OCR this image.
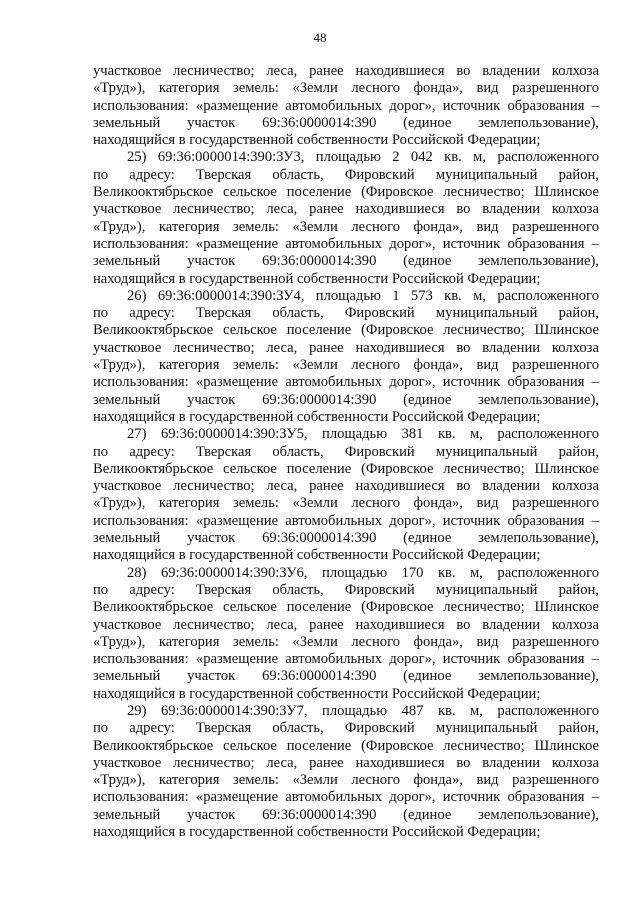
48
участковое лесничество; леса, ранее находившиеся во владении колхоза
«Труд»), категория земель: «Земли лесного фонда», вид разрешенного
использования: «размещение автомобильных дорог», источник образования –
земельный участок 69:36:0000014:390 (единое землепользование),
находящийся в государственной собственности Российской Федерации;
25) 69:36:0000014:390:ЗУ3, площадью 2 042 кв. м, расположенного
по адресу: Тверская область, Фировский муниципальный район,
Великооктябрьское сельское поселение (Фировское лесничество; Шлинское
участковое лесничество; леса, ранее находившиеся во владении колхоза
«Труд»), категория земель: «Земли лесного фонда», вид разрешенного
использования: «размещение автомобильных дорог», источник образования –
земельный участок 69:36:0000014:390 (единое землепользование),
находящийся в государственной собственности Российской Федерации;
26) 69:36:0000014:390:ЗУ4, площадью 1 573 кв. м, расположенного
по адресу: Тверская область, Фировский муниципальный район,
Великооктябрьское сельское поселение (Фировское лесничество; Шлинское
участковое лесничество; леса, ранее находившиеся во владении колхоза
«Труд»), категория земель: «Земли лесного фонда», вид разрешенного
использования: «размещение автомобильных дорог», источник образования –
земельный участок 69:36:0000014:390 (единое землепользование),
находящийся в государственной собственности Российской Федерации;
27) 69:36:0000014:390:ЗУ5, площадью 381 кв. м, расположенного
по адресу: Тверская область, Фировский муниципальный район,
Великооктябрьское сельское поселение (Фировское лесничество; Шлинское
участковое лесничество; леса, ранее находившиеся во владении колхоза
«Труд»), категория земель: «Земли лесного фонда», вид разрешенного
использования: «размещение автомобильных дорог», источник образования –
земельный участок 69:36:0000014:390 (единое землепользование),
находящийся в государственной собственности Российской Федерации;
28) 69:36:0000014:390:ЗУ6, площадью 170 кв. м, расположенного
по адресу: Тверская область, Фировский муниципальный район,
Великооктябрьское сельское поселение (Фировское лесничество; Шлинское
участковое лесничество; леса, ранее находившиеся во владении колхоза
«Труд»), категория земель: «Земли лесного фонда», вид разрешенного
использования: «размещение автомобильных дорог», источник образования –
земельный участок 69:36:0000014:390 (единое землепользование),
находящийся в государственной собственности Российской Федерации;
29) 69:36:0000014:390:ЗУ7, площадью 487 кв. м, расположенного
по адресу: Тверская область, Фировский муниципальный район,
Великооктябрьское сельское поселение (Фировское лесничество; Шлинское
участковое лесничество; леса, ранее находившиеся во владении колхоза
«Труд»), категория земель: «Земли лесного фонда», вид разрешенного
использования: «размещение автомобильных дорог», источник образования –
земельный участок 69:36:0000014:390 (единое землепользование),
находящийся в государственной собственности Российской Федерации;
